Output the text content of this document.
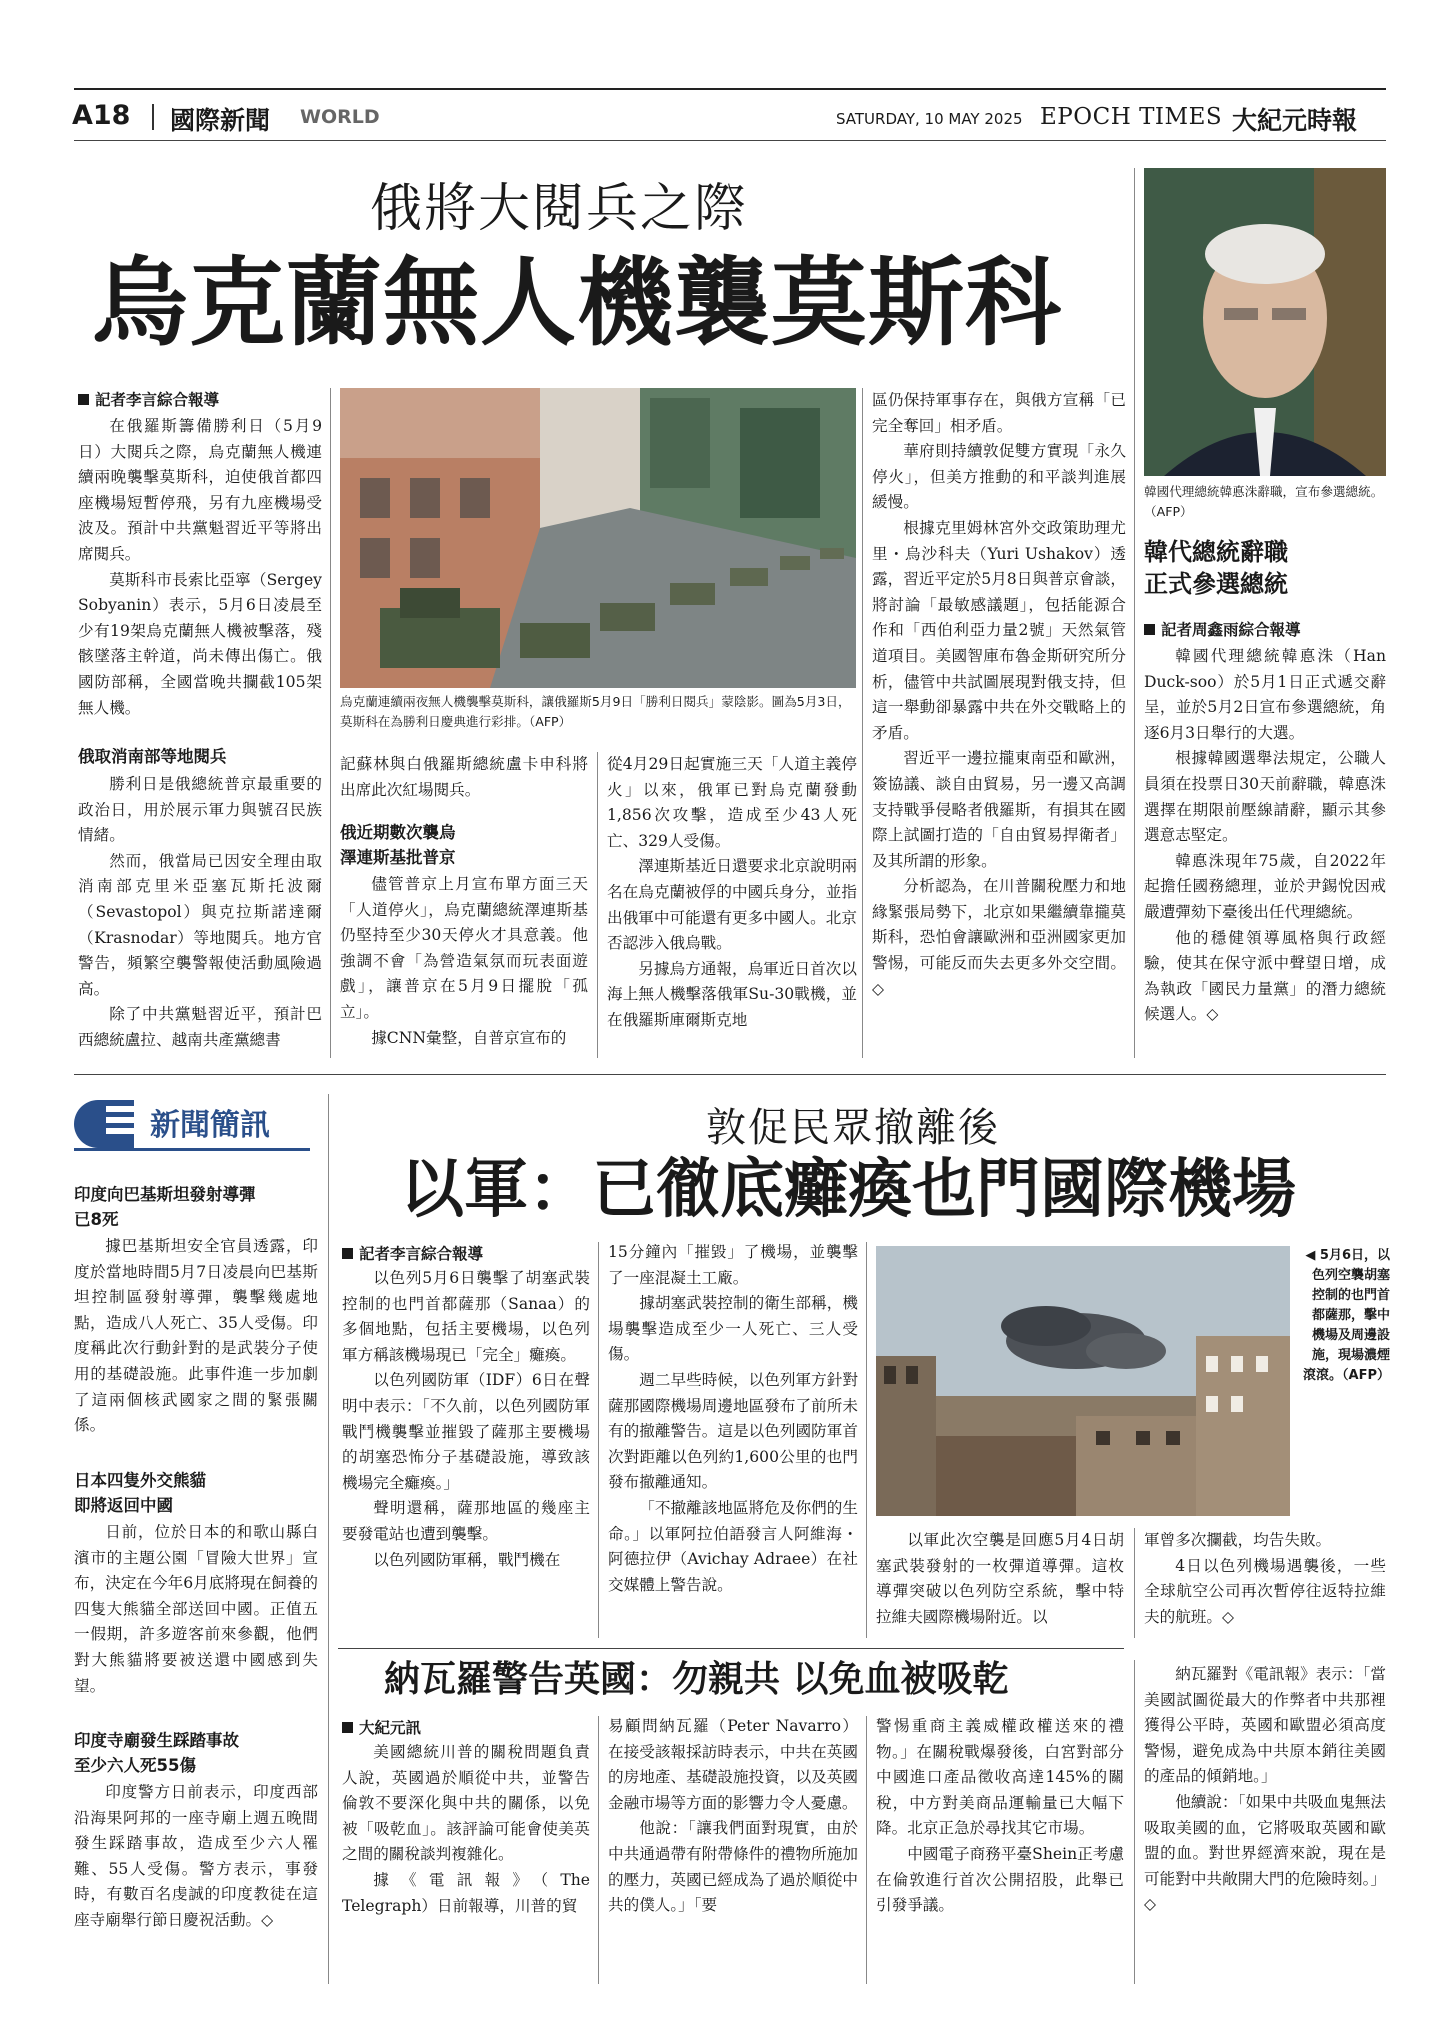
A18 國際新聞 WORLD	SATURDAY, 10 MAY 2025 EPOCH TIMES 大紀元時報
俄將大閱兵之際
烏克蘭無人機襲莫斯科
記者李言綜合報導

在俄羅斯籌備勝利日（5月9日）大閱兵之際，烏克蘭無人機連續兩晚襲擊莫斯科，迫使俄首都四座機場短暫停飛，另有九座機場受波及。預計中共黨魁習近平等將出席閱兵。

莫斯科市長索比亞寧（Sergey Sobyanin）表示，5月6日凌晨至少有19架烏克蘭無人機被擊落，殘骸墜落主幹道，尚未傳出傷亡。俄國防部稱，全國當晚共攔截105架無人機。

俄取消南部等地閱兵

勝利日是俄總統普京最重要的政治日，用於展示軍力與號召民族情緒。

然而，俄當局已因安全理由取消南部克里米亞塞瓦斯托波爾（Sevastopol）與克拉斯諾達爾（Krasnodar）等地閱兵。地方官警告，頻繁空襲警報使活動風險過高。

除了中共黨魁習近平，預計巴西總統盧拉、越南共產黨總書

烏克蘭連續兩夜無人機襲擊莫斯科，讓俄羅斯5月9日「勝利日閱兵」蒙陰影。圖為5月3日，莫斯科在為勝利日慶典進行彩排。（AFP）

記蘇林與白俄羅斯總統盧卡申科將出席此次紅場閱兵。

俄近期數次襲烏
澤連斯基批普京

儘管普京上月宣布單方面三天「人道停火」，烏克蘭總統澤連斯基仍堅持至少30天停火才具意義。他強調不會「為營造氣氛而玩表面遊戲」，讓普京在5月9日擺脫「孤立」。

據CNN彙整，自普京宣布的

從4月29日起實施三天「人道主義停火」以來，俄軍已對烏克蘭發動1,856次攻擊，造成至少43人死亡、329人受傷。

澤連斯基近日還要求北京說明兩名在烏克蘭被俘的中國兵身分，並指出俄軍中可能還有更多中國人。北京否認涉入俄烏戰。

另據烏方通報，烏軍近日首次以海上無人機擊落俄軍Su-30戰機，並在俄羅斯庫爾斯克地

區仍保持軍事存在，與俄方宣稱「已完全奪回」相矛盾。

華府則持續敦促雙方實現「永久停火」，但美方推動的和平談判進展緩慢。

根據克里姆林宮外交政策助理尤里・烏沙科夫（Yuri Ushakov）透露，習近平定於5月8日與普京會談，將討論「最敏感議題」，包括能源合作和「西伯利亞力量2號」天然氣管道項目。美國智庫布魯金斯研究所分析，儘管中共試圖展現對俄支持，但這一舉動卻暴露中共在外交戰略上的矛盾。

習近平一邊拉攏東南亞和歐洲，簽協議、談自由貿易，另一邊又高調支持戰爭侵略者俄羅斯，有損其在國際上試圖打造的「自由貿易捍衛者」及其所謂的形象。

分析認為，在川普關稅壓力和地緣緊張局勢下，北京如果繼續靠攏莫斯科，恐怕會讓歐洲和亞洲國家更加警惕，可能反而失去更多外交空間。◇

韓國代理總統韓悳洙辭職，宣布參選總統。（AFP）
韓代總統辭職
正式參選總統
記者周鑫雨綜合報導

韓國代理總統韓悳洙（Han Duck-soo）於5月1日正式遞交辭呈，並於5月2日宣布參選總統，角逐6月3日舉行的大選。

根據韓國選舉法規定，公職人員須在投票日30天前辭職，韓悳洙選擇在期限前壓線請辭，顯示其參選意志堅定。

韓悳洙現年75歲，自2022年起擔任國務總理，並於尹錫悅因戒嚴遭彈劾下臺後出任代理總統。

他的穩健領導風格與行政經驗，使其在保守派中聲望日增，成為執政「國民力量黨」的潛力總統候選人。◇

新聞簡訊
印度向巴基斯坦發射導彈
已8死

據巴基斯坦安全官員透露，印度於當地時間5月7日凌晨向巴基斯坦控制區發射導彈，襲擊幾處地點，造成八人死亡、35人受傷。印度稱此次行動針對的是武裝分子使用的基礎設施。此事件進一步加劇了這兩個核武國家之間的緊張關係。

日本四隻外交熊貓
即將返回中國

日前，位於日本的和歌山縣白濱市的主題公園「冒險大世界」宣布，決定在今年6月底將現在飼養的四隻大熊貓全部送回中國。正值五一假期，許多遊客前來參觀，他們對大熊貓將要被送還中國感到失望。

印度寺廟發生踩踏事故
至少六人死55傷

印度警方日前表示，印度西部沿海果阿邦的一座寺廟上週五晚間發生踩踏事故，造成至少六人罹難、55人受傷。警方表示，事發時，有數百名虔誠的印度教徒在這座寺廟舉行節日慶祝活動。◇

敦促民眾撤離後
以軍：已徹底癱瘓也門國際機場
記者李言綜合報導

以色列5月6日襲擊了胡塞武裝控制的也門首都薩那（Sanaa）的多個地點，包括主要機場，以色列軍方稱該機場現已「完全」癱瘓。

以色列國防軍（IDF）6日在聲明中表示：「不久前，以色列國防軍戰鬥機襲擊並摧毀了薩那主要機場的胡塞恐怖分子基礎設施，導致該機場完全癱瘓。」

聲明還稱，薩那地區的幾座主要發電站也遭到襲擊。

以色列國防軍稱，戰鬥機在

15分鐘內「摧毀」了機場，並襲擊了一座混凝土工廠。

據胡塞武裝控制的衛生部稱，機場襲擊造成至少一人死亡、三人受傷。

週二早些時候，以色列軍方針對薩那國際機場周邊地區發布了前所未有的撤離警告。這是以色列國防軍首次對距離以色列約1,600公里的也門發布撤離通知。

「不撤離該地區將危及你們的生命。」以軍阿拉伯語發言人阿維海・阿德拉伊（Avichay Adraee）在社交媒體上警告說。

◀ 5月6日，以色列空襲胡塞控制的也門首都薩那，擊中機場及周邊設施，現場濃煙滾滾。（AFP）

以軍此次空襲是回應5月4日胡塞武裝發射的一枚彈道導彈。這枚導彈突破以色列防空系統，擊中特拉維夫國際機場附近。以

軍曾多次攔截，均告失敗。

4日以色列機場遇襲後，一些全球航空公司再次暫停往返特拉維夫的航班。◇

納瓦羅警告英國：勿親共 以免血被吸乾
大紀元訊

美國總統川普的關稅問題負責人說，英國過於順從中共，並警告倫敦不要深化與中共的關係，以免被「吸乾血」。該評論可能會使美英之間的關稅談判複雜化。

據《電訊報》（The Telegraph）日前報導，川普的貿

易顧問納瓦羅（Peter Navarro）在接受該報採訪時表示，中共在英國的房地產、基礎設施投資，以及英國金融市場等方面的影響力令人憂慮。

他說：「讓我們面對現實，由於中共通過帶有附帶條件的禮物所施加的壓力，英國已經成為了過於順從中共的僕人。」「要

警惕重商主義威權政權送來的禮物。」在關稅戰爆發後，白宮對部分中國進口產品徵收高達145%的關稅，中方對美商品運輸量已大幅下降。北京正急於尋找其它市場。

中國電子商務平臺Shein正考慮在倫敦進行首次公開招股，此舉已引發爭議。

納瓦羅對《電訊報》表示：「當美國試圖從最大的作弊者中共那裡獲得公平時，英國和歐盟必須高度警惕，避免成為中共原本銷往美國的產品的傾銷地。」

他續說：「如果中共吸血鬼無法吸取美國的血，它將吸取英國和歐盟的血。對世界經濟來說，現在是可能對中共敞開大門的危險時刻。」◇
